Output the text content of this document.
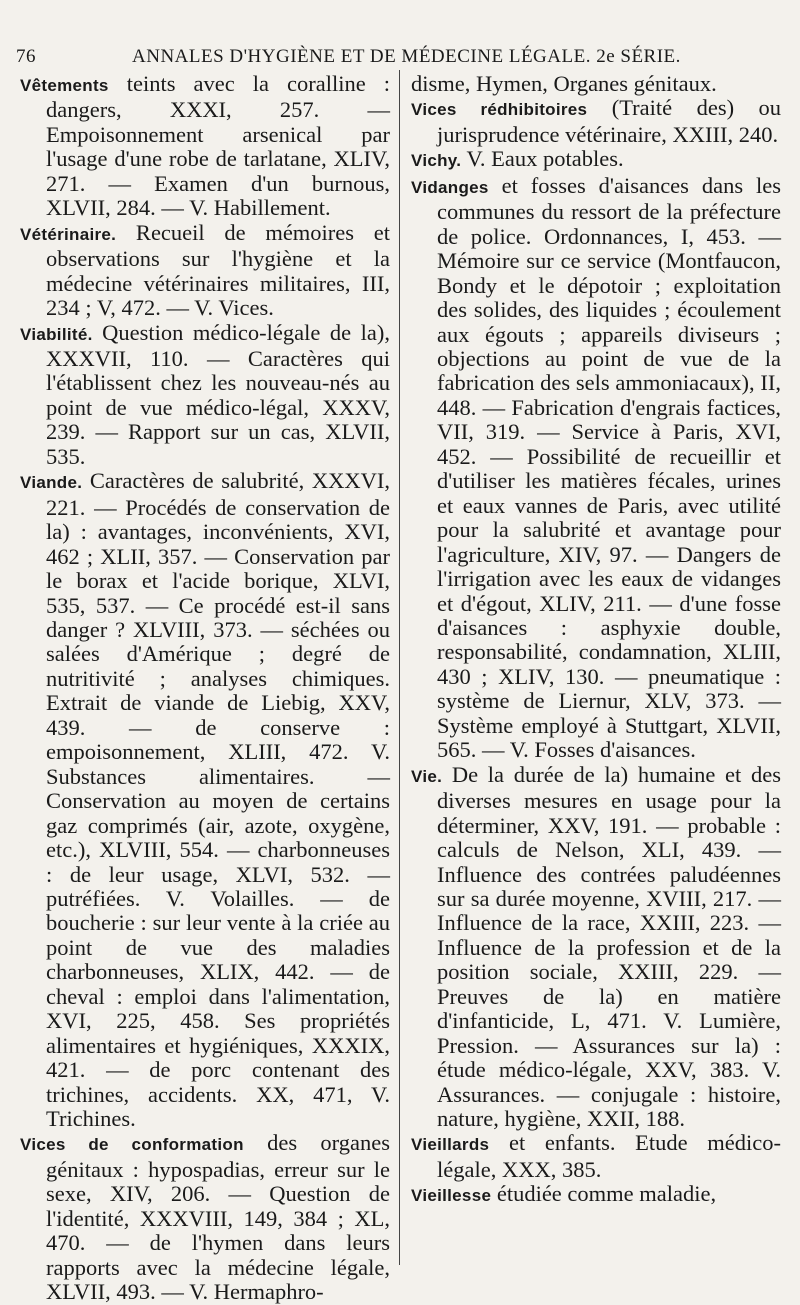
76	ANNALES D'HYGIÈNE ET DE MÉDECINE LÉGALE. 2e SÉRIE.

Vêtements teints avec la coralline : dangers, XXXI, 257. — Empoisonnement arsenical par l'usage d'une robe de tarlatane, XLIV, 271. — Examen d'un burnous, XLVII, 284. — V. Habillement.

Vétérinaire. Recueil de mémoires et observations sur l'hygiène et la médecine vétérinaires militaires, III, 234 ; V, 472. — V. Vices.

Viabilité. Question médico-légale de la), XXXVII, 110. — Caractères qui l'établissent chez les nouveau-nés au point de vue médico-légal, XXXV, 239. — Rapport sur un cas, XLVII, 535.

Viande. Caractères de salubrité, XXXVI, 221. — Procédés de conservation de la) : avantages, inconvénients, XVI, 462 ; XLII, 357. — Conservation par le borax et l'acide borique, XLVI, 535, 537. — Ce procédé est-il sans danger ? XLVIII, 373. — séchées ou salées d'Amérique ; degré de nutritivité ; analyses chimiques. Extrait de viande de Liebig, XXV, 439. — de conserve : empoisonnement, XLIII, 472. V. Substances alimentaires. — Conservation au moyen de certains gaz comprimés (air, azote, oxygène, etc.), XLVIII, 554. — charbonneuses : de leur usage, XLVI, 532. — putréfiées. V. Volailles. — de boucherie : sur leur vente à la criée au point de vue des maladies charbonneuses, XLIX, 442. — de cheval : emploi dans l'alimentation, XVI, 225, 458. Ses propriétés alimentaires et hygiéniques, XXXIX, 421. — de porc contenant des trichines, accidents. XX, 471, V. Trichines.

Vices de conformation des organes génitaux : hypospadias, erreur sur le sexe, XIV, 206. — Question de l'identité, XXXVIII, 149, 384 ; XL, 470. — de l'hymen dans leurs rapports avec la médecine légale, XLVII, 493. — V. Hermaphro-

disme, Hymen, Organes génitaux.

Vices rédhibitoires (Traité des) ou jurisprudence vétérinaire, XXIII, 240.

Vichy. V. Eaux potables.

Vidanges et fosses d'aisances dans les communes du ressort de la préfecture de police. Ordonnances, I, 453. — Mémoire sur ce service (Montfaucon, Bondy et le dépotoir ; exploitation des solides, des liquides ; écoulement aux égouts ; appareils diviseurs ; objections au point de vue de la fabrication des sels ammoniacaux), II, 448. — Fabrication d'engrais factices, VII, 319. — Service à Paris, XVI, 452. — Possibilité de recueillir et d'utiliser les matières fécales, urines et eaux vannes de Paris, avec utilité pour la salubrité et avantage pour l'agriculture, XIV, 97. — Dangers de l'irrigation avec les eaux de vidanges et d'égout, XLIV, 211. — d'une fosse d'aisances : asphyxie double, responsabilité, condamnation, XLIII, 430 ; XLIV, 130. — pneumatique : système de Liernur, XLV, 373. — Système employé à Stuttgart, XLVII, 565. — V. Fosses d'aisances.

Vie. De la durée de la) humaine et des diverses mesures en usage pour la déterminer, XXV, 191. — probable : calculs de Nelson, XLI, 439. — Influence des contrées paludéennes sur sa durée moyenne, XVIII, 217. — Influence de la race, XXIII, 223. — Influence de la profession et de la position sociale, XXIII, 229. — Preuves de la) en matière d'infanticide, L, 471. V. Lumière, Pression. — Assurances sur la) : étude médico-légale, XXV, 383. V. Assurances. — conjugale : histoire, nature, hygiène, XXII, 188.

Vieillards et enfants. Etude médico-légale, XXX, 385.

Vieillesse étudiée comme maladie,
